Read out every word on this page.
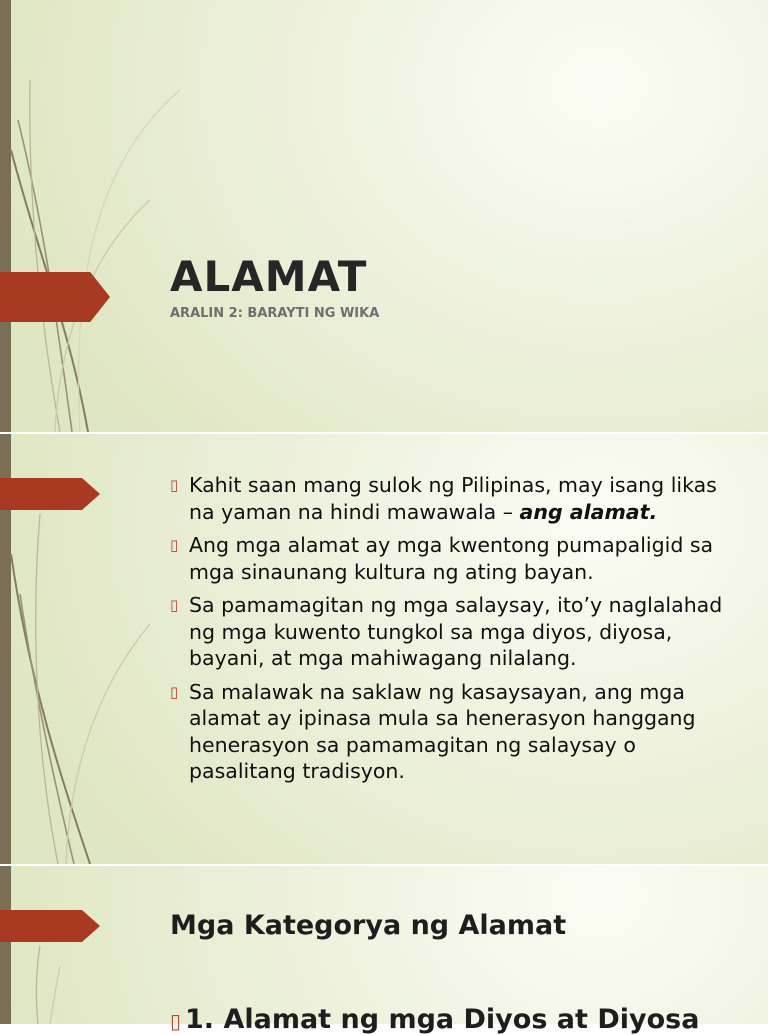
ALAMAT

ARALIN 2: BARAYTI NG WIKA

▯ Kahit saan mang sulok ng Pilipinas, may isang likas na yaman na hindi mawawala – ang alamat.
▯ Ang mga alamat ay mga kwentong pumapaligid sa mga sinaunang kultura ng ating bayan.
▯ Sa pamamagitan ng mga salaysay, ito’y naglalahad ng mga kuwento tungkol sa mga diyos, diyosa, bayani, at mga mahiwagang nilalang.
▯ Sa malawak na saklaw ng kasaysayan, ang mga alamat ay ipinasa mula sa henerasyon hanggang henerasyon sa pamamagitan ng salaysay o pasalitang tradisyon.
Mga Kategorya ng Alamat

▯ 1. Alamat ng mga Diyos at Diyosa
